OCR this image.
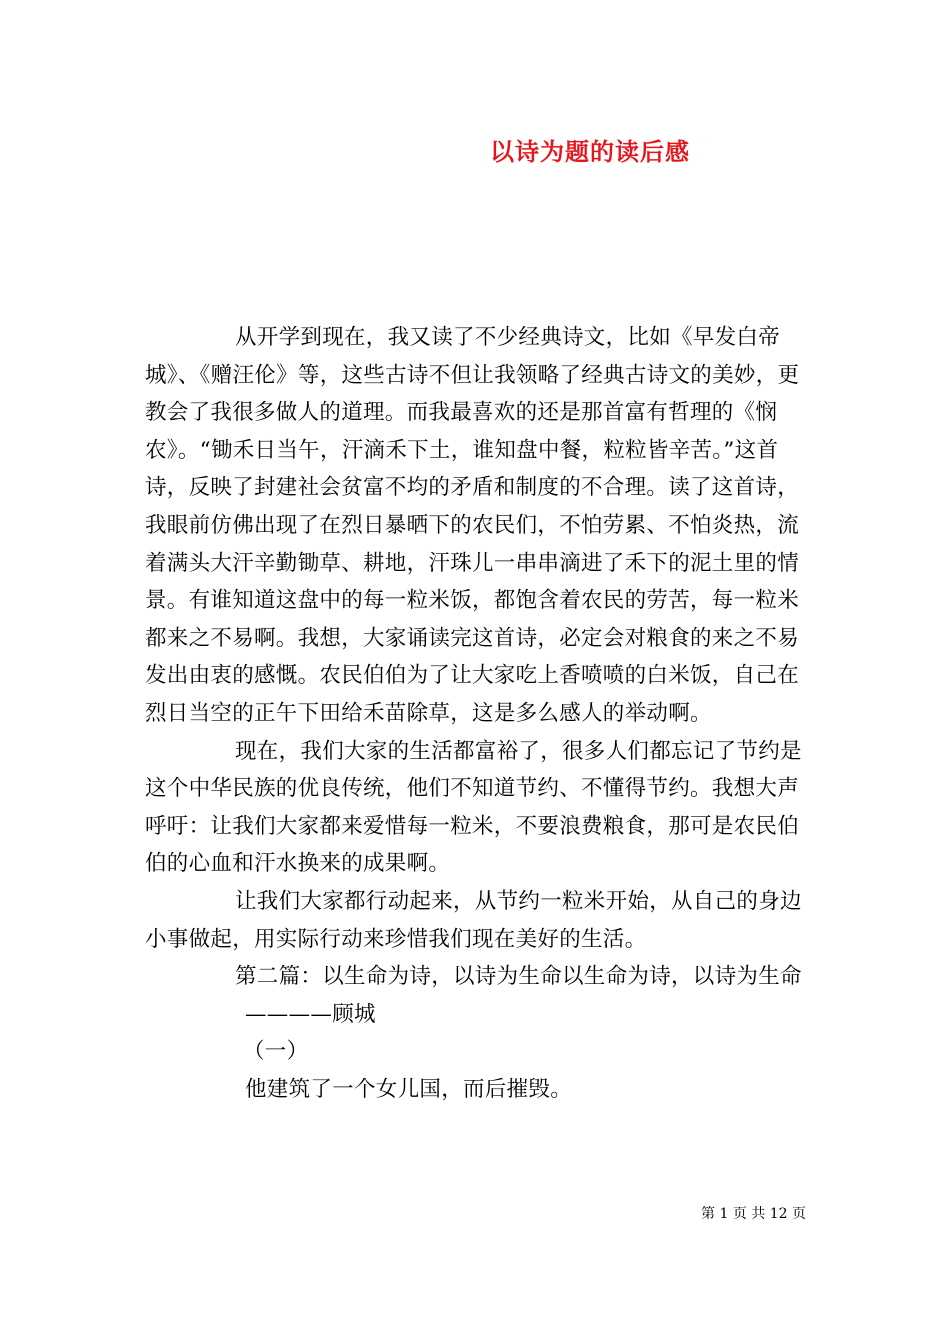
以诗为题的读后感

从开学到现在，我又读了不少经典诗文，比如《早发白帝城》、《赠汪伦》等，这些古诗不但让我领略了经典古诗文的美妙，更教会了我很多做人的道理。而我最喜欢的还是那首富有哲理的《悯农》。“锄禾日当午，汗滴禾下土，谁知盘中餐，粒粒皆辛苦。”这首诗，反映了封建社会贫富不均的矛盾和制度的不合理。读了这首诗，我眼前仿佛出现了在烈日暴晒下的农民们，不怕劳累、不怕炎热，流着满头大汗辛勤锄草、耕地，汗珠儿一串串滴进了禾下的泥土里的情景。有谁知道这盘中的每一粒米饭，都饱含着农民的劳苦，每一粒米都来之不易啊。我想，大家诵读完这首诗，必定会对粮食的来之不易发出由衷的感慨。农民伯伯为了让大家吃上香喷喷的白米饭，自己在烈日当空的正午下田给禾苗除草，这是多么感人的举动啊。

现在，我们大家的生活都富裕了，很多人们都忘记了节约是这个中华民族的优良传统，他们不知道节约、不懂得节约。我想大声呼吁：让我们大家都来爱惜每一粒米，不要浪费粮食，那可是农民伯伯的心血和汗水换来的成果啊。

让我们大家都行动起来，从节约一粒米开始，从自己的身边小事做起，用实际行动来珍惜我们现在美好的生活。

第二篇：以生命为诗，以诗为生命以生命为诗，以诗为生命

————顾城

（一）

他建筑了一个女儿国，而后摧毁。

第 1 页 共 12 页
